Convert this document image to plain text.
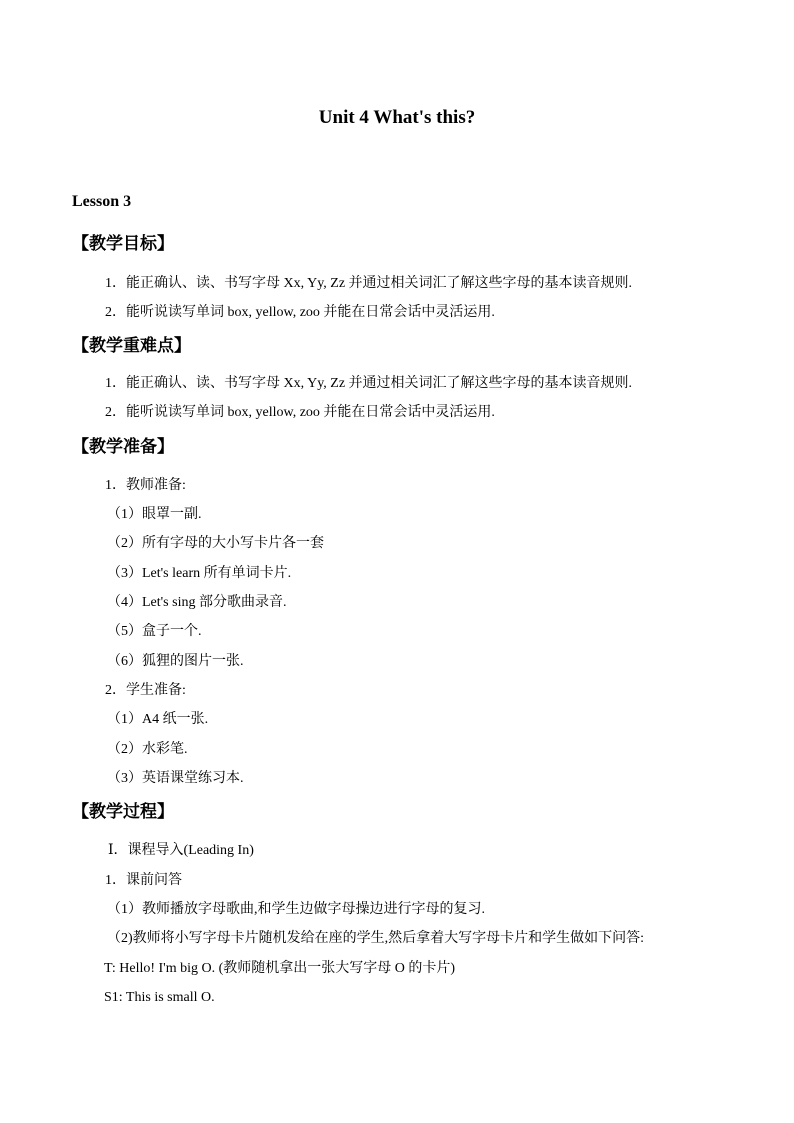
Unit 4 What's this?
Lesson 3
【教学目标】
1．能正确认、读、书写字母 Xx, Yy, Zz 并通过相关词汇了解这些字母的基本读音规则.
2．能听说读写单词 box, yellow, zoo 并能在日常会话中灵活运用.
【教学重难点】
1．能正确认、读、书写字母 Xx, Yy, Zz 并通过相关词汇了解这些字母的基本读音规则.
2．能听说读写单词 box, yellow, zoo 并能在日常会话中灵活运用.
【教学准备】
1．教师准备:
（1）眼罩一副.
（2）所有字母的大小写卡片各一套
（3）Let's learn 所有单词卡片.
（4）Let's sing 部分歌曲录音.
（5）盒子一个.
（6）狐狸的图片一张.
2．学生准备:
（1）A4 纸一张.
（2）水彩笔.
（3）英语课堂练习本.
【教学过程】
Ⅰ．课程导入(Leading In)
1．课前问答
（1）教师播放字母歌曲,和学生边做字母操边进行字母的复习.
（2)教师将小写字母卡片随机发给在座的学生,然后拿着大写字母卡片和学生做如下问答:
T: Hello! I'm big O. (教师随机拿出一张大写字母 O 的卡片)
S1: This is small O.
